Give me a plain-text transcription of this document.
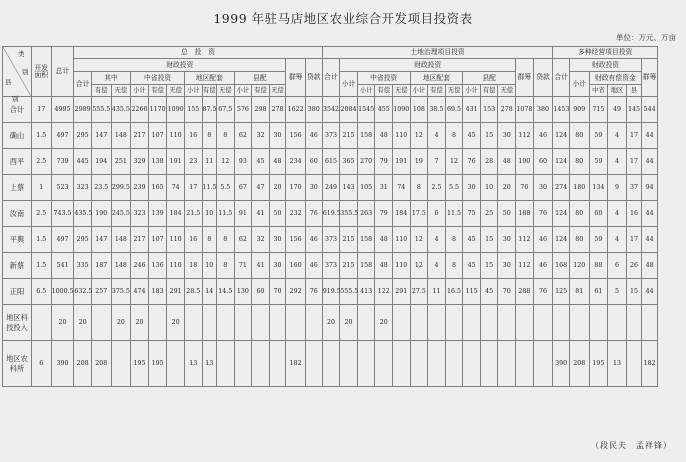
1999 年驻马店地区农业综合开发项目投资表
单位：万元、万亩
类
别
县
别	开发面积	总计	总　投　资														土地治理项目投资													多种经营项目投资					
			财政投资												群筹	贷款	合计	财政投资										群筹	贷款	合计	财政投资				群筹
			合计	其中		中省投资			地区配套			县配						小计	中省投资			地区配套			县配						小计	财政有偿资金			
				有偿	无偿	小计	有偿	无偿	小计	有偿	无偿	小计	有偿	无偿					小计	有偿	无偿	小计	有偿	无偿	小计	有偿	无偿					中省	地区	县	

合计	17	4995	2989	555.5	435.5	2260	1170	1090	155	87.5	67.5	576	298	278	1622	380	3542	2084	1545	455	1090	108	38.5	69.5	431	153	278	1078	380	1453	909	715	49	145	544
确山	1.5	497	295	147	148	217	107	110	16	8	8	62	32	30	156	46	373	215	158	48	110	12	4	8	45	15	30	112	46	124	80	59	4	17	44
西平	2.5	739	445	194	251	329	138	191	23	11	12	93	45	48	234	60	615	365	270	79	191	19	7	12	76	28	48	190	60	124	80	59	4	17	44
上蔡	1	523	323	23.5	299.5	239	165	74	17	11.5	5.5	67	47	20	170	30	249	143	105	31	74	8	2.5	5.5	30	10	20	76	30	274	180	134	9	37	94
汝南	2.5	743.5	435.5	190	245.5	323	139	184	21.5	10	11.5	91	41	50	232	76	619.5	355.5	263	79	184	17.5	6	11.5	75	25	50	188	76	124	80	60	4	16	44
平舆	1.5	497	295	147	148	217	107	110	16	8	8	62	32	30	156	46	373	215	158	48	110	12	4	8	45	15	30	112	46	124	80	59	4	17	44
新蔡	1.5	541	335	187	148	246	136	110	18	10	8	71	41	30	160	46	373	215	158	48	110	12	4	8	45	15	30	112	46	168	120	88	6	26	48
正阳	6.5	1000.5	632.5	257	375.5	474	183	291	28.5	14	14.5	130	60	70	292	76	919.5	555.5	413	122	291	27.5	11	16.5	115	45	70	288	76	125	81	61	5	15	44
地区科技投入		20	20		20	20		20									20	20		20															
地区农科所	6	390	208	208		195	195		13	13					182															390	208	195	13		182
（段民夫　孟祥锋）
